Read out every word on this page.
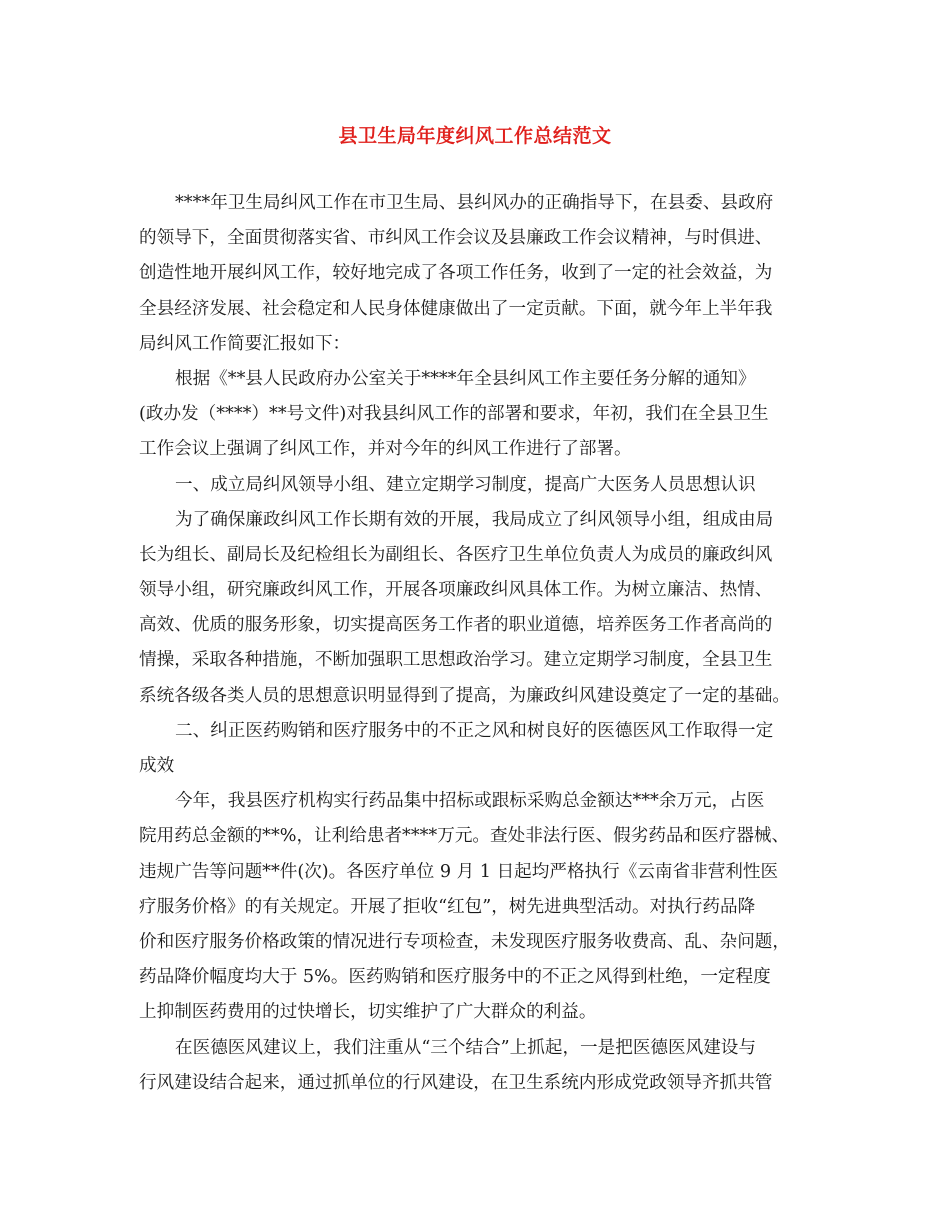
县卫生局年度纠风工作总结范文
****年卫生局纠风工作在市卫生局、县纠风办的正确指导下，在县委、县政府
的领导下，全面贯彻落实省、市纠风工作会议及县廉政工作会议精神，与时俱进、
创造性地开展纠风工作，较好地完成了各项工作任务，收到了一定的社会效益，为
全县经济发展、社会稳定和人民身体健康做出了一定贡献。下面，就今年上半年我
局纠风工作简要汇报如下：
根据《**县人民政府办公室关于****年全县纠风工作主要任务分解的通知》
(政办发（****）**号文件)对我县纠风工作的部署和要求，年初，我们在全县卫生
工作会议上强调了纠风工作，并对今年的纠风工作进行了部署。
一、成立局纠风领导小组、建立定期学习制度，提高广大医务人员思想认识
为了确保廉政纠风工作长期有效的开展，我局成立了纠风领导小组，组成由局
长为组长、副局长及纪检组长为副组长、各医疗卫生单位负责人为成员的廉政纠风
领导小组，研究廉政纠风工作，开展各项廉政纠风具体工作。为树立廉洁、热情、
高效、优质的服务形象，切实提高医务工作者的职业道德，培养医务工作者高尚的
情操，采取各种措施，不断加强职工思想政治学习。建立定期学习制度，全县卫生
系统各级各类人员的思想意识明显得到了提高，为廉政纠风建设奠定了一定的基础。
二、纠正医药购销和医疗服务中的不正之风和树良好的医德医风工作取得一定
成效
今年，我县医疗机构实行药品集中招标或跟标采购总金额达***余万元，占医
院用药总金额的**%，让利给患者****万元。查处非法行医、假劣药品和医疗器械、
违规广告等问题**件(次)。各医疗单位 9 月 1 日起均严格执行《云南省非营利性医
疗服务价格》的有关规定。开展了拒收“红包”，树先进典型活动。对执行药品降
价和医疗服务价格政策的情况进行专项检查，未发现医疗服务收费高、乱、杂问题，
药品降价幅度均大于 5%。医药购销和医疗服务中的不正之风得到杜绝，一定程度
上抑制医药费用的过快增长，切实维护了广大群众的利益。
在医德医风建议上，我们注重从“三个结合”上抓起，一是把医德医风建设与
行风建设结合起来，通过抓单位的行风建设，在卫生系统内形成党政领导齐抓共管
